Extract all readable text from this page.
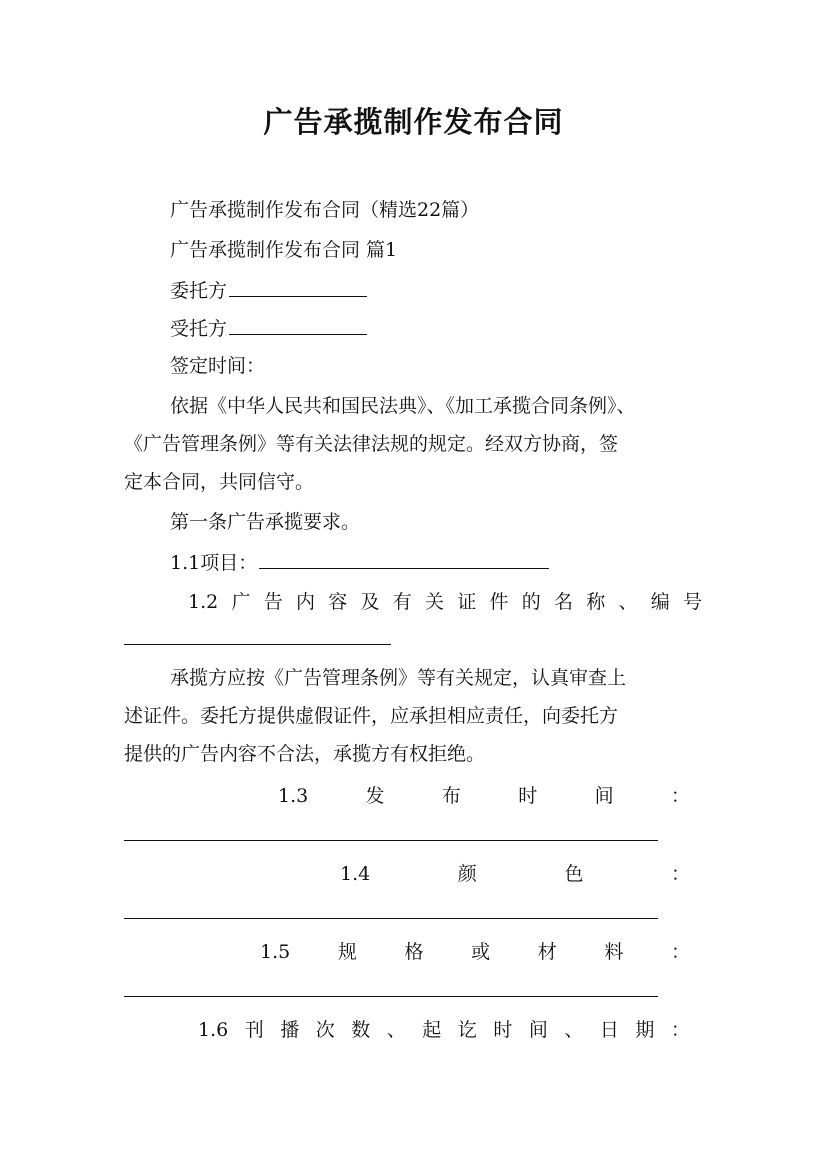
广告承揽制作发布合同
广告承揽制作发布合同（精选22篇）
广告承揽制作发布合同 篇1
委托方
受托方
签定时间：
依据《中华人民共和国民法典》、《加工承揽合同条例》、
《广告管理条例》等有关法律法规的规定。经双方协商，签
定本合同，共同信守。
第一条广告承揽要求。
1.1项目：
1.2 广 告 内 容 及 有 关 证 件 的 名 称 、 编 号
承揽方应按《广告管理条例》等有关规定，认真审查上
述证件。委托方提供虚假证件，应承担相应责任，向委托方
提供的广告内容不合法，承揽方有权拒绝。
1.3	发	布	时	间	：
1.4	颜	色	：
1.5	规	格	或	材	料	：
1.6 刊 播 次 数 、 起 讫 时 间 、 日 期 ：
